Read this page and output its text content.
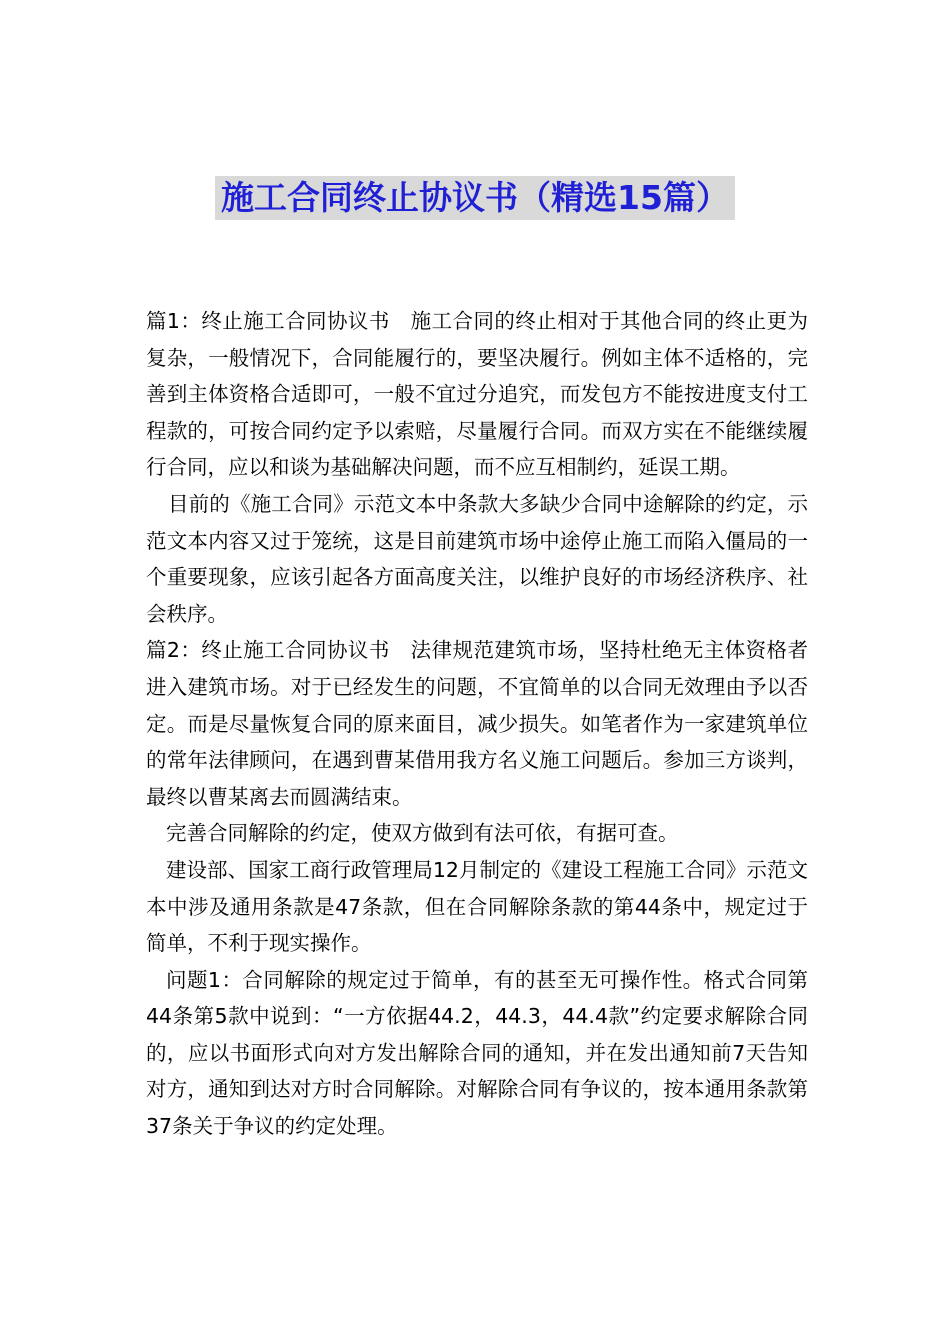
施工合同终止协议书（精选15篇）

篇1：终止施工合同协议书　施工合同的终止相对于其他合同的终止更为复杂，一般情况下，合同能履行的，要坚决履行。例如主体不适格的，完善到主体资格合适即可，一般不宜过分追究，而发包方不能按进度支付工程款的，可按合同约定予以索赔，尽量履行合同。而双方实在不能继续履行合同，应以和谈为基础解决问题，而不应互相制约，延误工期。

目前的《施工合同》示范文本中条款大多缺少合同中途解除的约定，示范文本内容又过于笼统，这是目前建筑市场中途停止施工而陷入僵局的一个重要现象，应该引起各方面高度关注，以维护良好的市场经济秩序、社会秩序。

篇2：终止施工合同协议书　法律规范建筑市场，坚持杜绝无主体资格者进入建筑市场。对于已经发生的问题，不宜简单的以合同无效理由予以否定。而是尽量恢复合同的原来面目，减少损失。如笔者作为一家建筑单位的常年法律顾问，在遇到曹某借用我方名义施工问题后。参加三方谈判，最终以曹某离去而圆满结束。

完善合同解除的约定，使双方做到有法可依，有据可查。

建设部、国家工商行政管理局12月制定的《建设工程施工合同》示范文本中涉及通用条款是47条款，但在合同解除条款的第44条中，规定过于简单，不利于现实操作。

问题1：合同解除的规定过于简单，有的甚至无可操作性。格式合同第44条第5款中说到：“一方依据44.2，44.3，44.4款”约定要求解除合同的，应以书面形式向对方发出解除合同的通知，并在发出通知前7天告知对方，通知到达对方时合同解除。对解除合同有争议的，按本通用条款第37条关于争议的约定处理。
